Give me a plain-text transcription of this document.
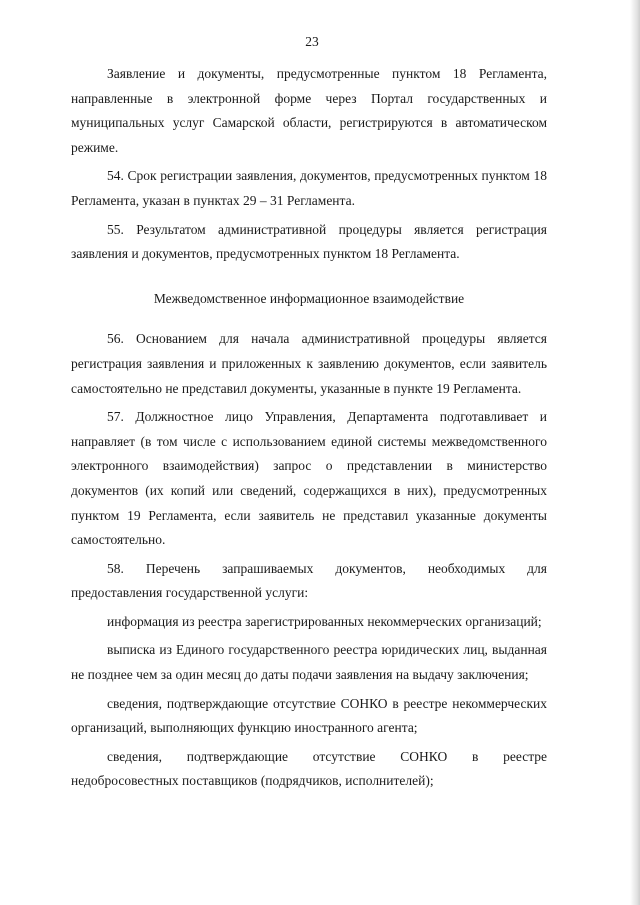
23

Заявление и документы, предусмотренные пунктом 18 Регламента, направленные в электронной форме через Портал государственных и муниципальных услуг Самарской области, регистрируются в автоматическом режиме.

54. Срок регистрации заявления, документов, предусмотренных пунктом 18 Регламента, указан в пунктах 29 – 31 Регламента.

55. Результатом административной процедуры является регистрация заявления и документов, предусмотренных пунктом 18 Регламента.

Межведомственное информационное взаимодействие

56. Основанием для начала административной процедуры является регистрация заявления и приложенных к заявлению документов, если заявитель самостоятельно не представил документы, указанные в пункте 19 Регламента.

57. Должностное лицо Управления, Департамента подготавливает и направляет (в том числе с использованием единой системы межведомственного электронного взаимодействия) запрос о представлении в министерство документов (их копий или сведений, содержащихся в них), предусмотренных пунктом 19 Регламента, если заявитель не представил указанные документы самостоятельно.

58. Перечень запрашиваемых документов, необходимых для предоставления государственной услуги:

информация из реестра зарегистрированных некоммерческих организаций;

выписка из Единого государственного реестра юридических лиц, выданная не позднее чем за один месяц до даты подачи заявления на выдачу заключения;

сведения, подтверждающие отсутствие СОНКО в реестре некоммерческих организаций, выполняющих функцию иностранного агента;

сведения, подтверждающие отсутствие СОНКО в реестре недобросовестных поставщиков (подрядчиков, исполнителей);
